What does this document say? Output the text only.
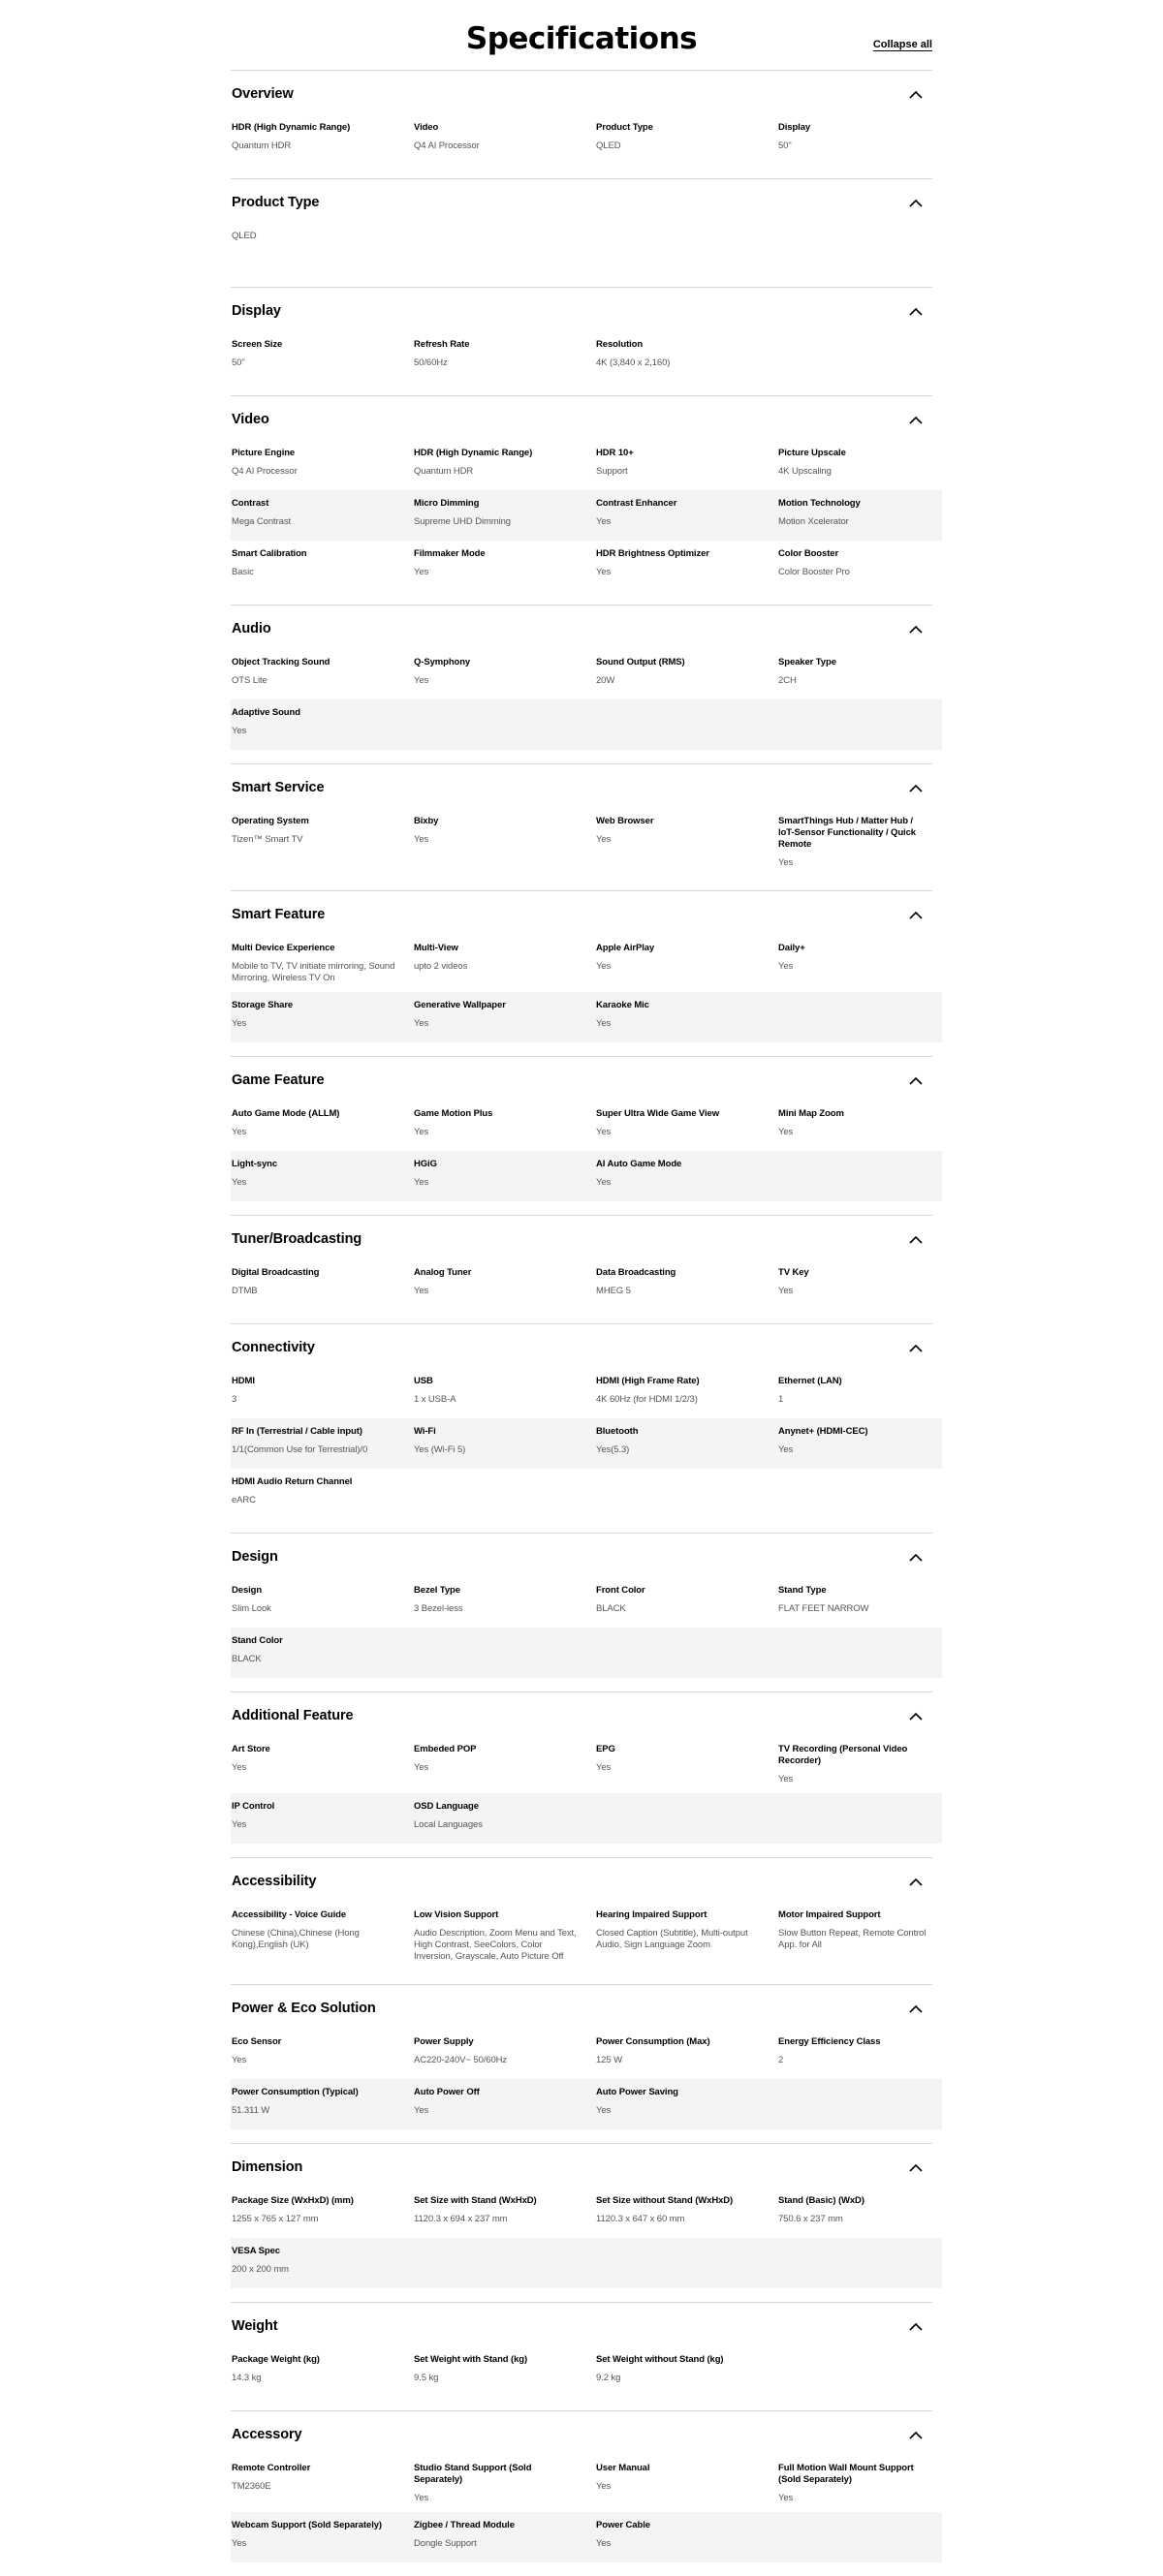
Specifications	Collapse all
Overview
HDR (High Dynamic Range)
Quantum HDR
Video
Q4 AI Processor
Product Type
QLED
Display
50"
Product Type
QLED
Display
Screen Size
50"
Refresh Rate
50/60Hz
Resolution
4K (3,840 x 2,160)
Video
Picture Engine
Q4 AI Processor
HDR (High Dynamic Range)
Quantum HDR
HDR 10+
Support
Picture Upscale
4K Upscaling
Contrast
Mega Contrast
Micro Dimming
Supreme UHD Dimming
Contrast Enhancer
Yes
Motion Technology
Motion Xcelerator
Smart Calibration
Basic
Filmmaker Mode
Yes
HDR Brightness Optimizer
Yes
Color Booster
Color Booster Pro
Audio
Object Tracking Sound
OTS Lite
Q-Symphony
Yes
Sound Output (RMS)
20W
Speaker Type
2CH
Adaptive Sound
Yes
Smart Service
Operating System
Tizen™ Smart TV
Bixby
Yes
Web Browser
Yes
SmartThings Hub / Matter Hub / IoT-Sensor Functionality / Quick Remote
Yes
Smart Feature
Multi Device Experience
Mobile to TV, TV initiate mirroring, Sound Mirroring, Wireless TV On
Multi-View
upto 2 videos
Apple AirPlay
Yes
Daily+
Yes
Storage Share
Yes
Generative Wallpaper
Yes
Karaoke Mic
Yes
Game Feature
Auto Game Mode (ALLM)
Yes
Game Motion Plus
Yes
Super Ultra Wide Game View
Yes
Mini Map Zoom
Yes
Light-sync
Yes
HGiG
Yes
AI Auto Game Mode
Yes
Tuner/Broadcasting
Digital Broadcasting
DTMB
Analog Tuner
Yes
Data Broadcasting
MHEG 5
TV Key
Yes
Connectivity
HDMI
3
USB
1 x USB-A
HDMI (High Frame Rate)
4K 60Hz (for HDMI 1/2/3)
Ethernet (LAN)
1
RF In (Terrestrial / Cable input)
1/1(Common Use for Terrestrial)/0
Wi-Fi
Yes (Wi-Fi 5)
Bluetooth
Yes(5.3)
Anynet+ (HDMI-CEC)
Yes
HDMI Audio Return Channel
eARC
Design
Design
Slim Look
Bezel Type
3 Bezel-less
Front Color
BLACK
Stand Type
FLAT FEET NARROW
Stand Color
BLACK
Additional Feature
Art Store
Yes
Embeded POP
Yes
EPG
Yes
TV Recording (Personal Video Recorder)
Yes
IP Control
Yes
OSD Language
Local Languages
Accessibility
Accessibility - Voice Guide
Chinese (China),Chinese (Hong Kong),English (UK)
Low Vision Support
Audio Description, Zoom Menu and Text, High Contrast, SeeColors, Color Inversion, Grayscale, Auto Picture Off
Hearing Impaired Support
Closed Caption (Subtitle), Multi-output Audio, Sign Language Zoom
Motor Impaired Support
Slow Button Repeat, Remote Control App. for All
Power & Eco Solution
Eco Sensor
Yes
Power Supply
AC220-240V~ 50/60Hz
Power Consumption (Max)
125 W
Energy Efficiency Class
2
Power Consumption (Typical)
51.311 W
Auto Power Off
Yes
Auto Power Saving
Yes
Dimension
Package Size (WxHxD) (mm)
1255 x 765 x 127 mm
Set Size with Stand (WxHxD)
1120.3 x 694 x 237 mm
Set Size without Stand (WxHxD)
1120.3 x 647 x 60 mm
Stand (Basic) (WxD)
750.6 x 237 mm
VESA Spec
200 x 200 mm
Weight
Package Weight (kg)
14.3 kg
Set Weight with Stand (kg)
9.5 kg
Set Weight without Stand (kg)
9.2 kg
Accessory
Remote Controller
TM2360E
Studio Stand Support (Sold Separately)
Yes
User Manual
Yes
Full Motion Wall Mount Support (Sold Separately)
Yes
Webcam Support (Sold Separately)
Yes
Zigbee / Thread Module
Dongle Support
Power Cable
Yes
